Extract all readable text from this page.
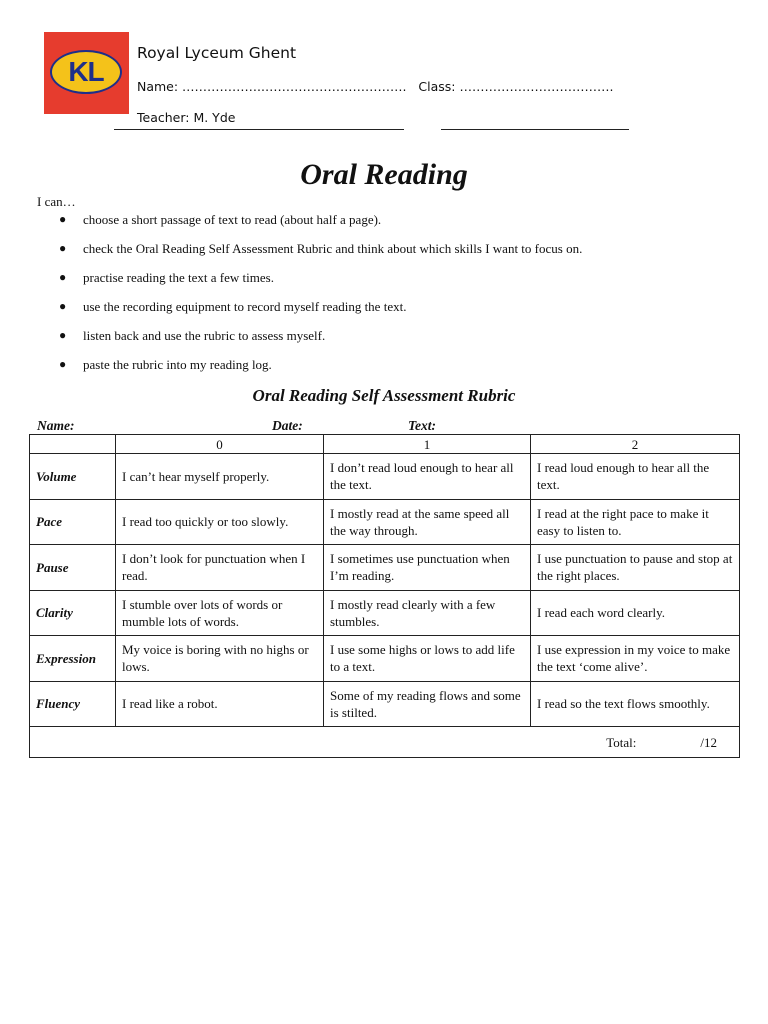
KL
Royal Lyceum Ghent
Name: ………………..…………………………….   Class: ……………………………….
Teacher: M. Yde
Oral Reading
I can…
● choose a short passage of text to read (about half a page).
● check the Oral Reading Self Assessment Rubric and think about which skills I want to focus on.
● practise reading the text a few times.
● use the recording equipment to record myself reading the text.
● listen back and use the rubric to assess myself.
● paste the rubric into my reading log.
Oral Reading Self Assessment Rubric
Name:	Date:	Text:
	0	1	2
Volume	I can’t hear myself properly.	I don’t read loud enough to hear all the text.	I read loud enough to hear all the text.
Pace	I read too quickly or too slowly.	I mostly read at the same speed all the way through.	I read at the right pace to make it easy to listen to.
Pause	I don’t look for punctuation when I read.	I sometimes use punctuation when I’m reading.	I use punctuation to pause and stop at the right places.
Clarity	I stumble over lots of words or mumble lots of words.	I mostly read clearly with a few stumbles.	I read each word clearly.
Expression	My voice is boring with no highs or lows.	I use some highs or lows to add life to a text.	I use expression in my voice to make the text ‘come alive’.
Fluency	I read like a robot.	Some of my reading flows and some is stilted.	I read so the text flows smoothly.
Total: /12			
